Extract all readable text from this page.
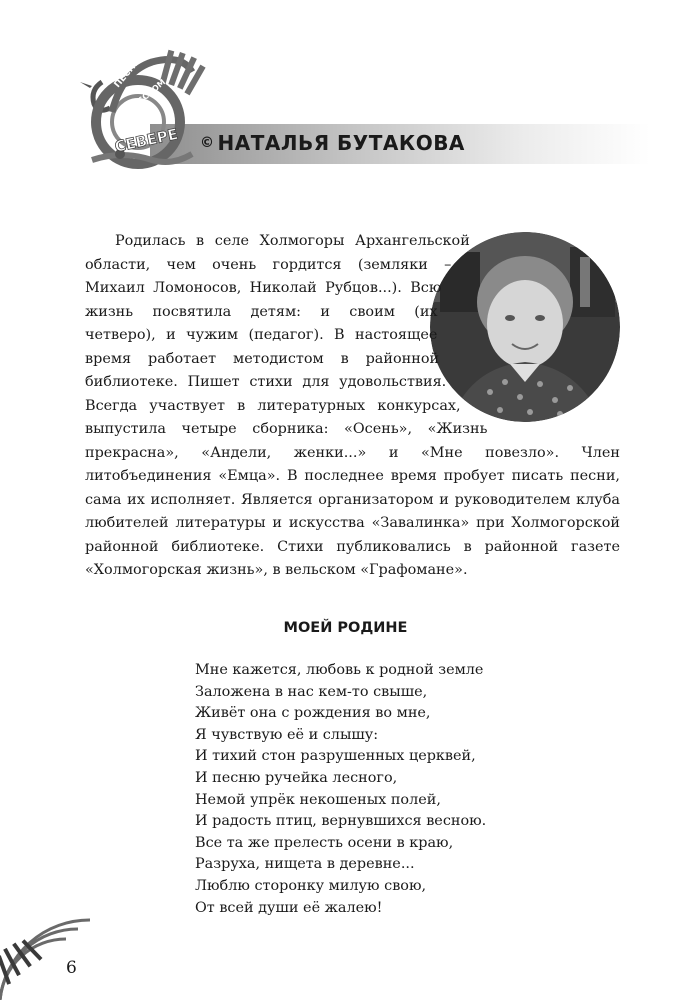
ПЕСНИ
О РУССКОМ
СЕВЕРЕ © НАТАЛЬЯ БУТАКОВА

Родилась в селе Холмогоры Архангельской области, чем очень гордится (земляки – Михаил Ломоносов, Николай Рубцов...). Всю жизнь посвятила детям: и своим (их четверо), и чужим (педагог). В настоящее время работает методистом в районной библиотеке. Пишет стихи для удовольствия. Всегда участвует в литературных конкурсах, выпустила четыре сборника: «Осень», «Жизнь прекрасна», «Андели, женки...» и «Мне повезло». Член литобъединения «Емца». В последнее время пробует писать песни, сама их исполняет. Является организатором и руководителем клуба любителей литературы и искусства «Завалинка» при Холмогорской районной библиотеке. Стихи публиковались в районной газете «Холмогорская жизнь», в вельском «Графомане».

МОЕЙ РОДИНЕ
Мне кажется, любовь к родной земле
Заложена в нас кем-то свыше,
Живёт она с рождения во мне,
Я чувствую её и слышу:
И тихий стон разрушенных церквей,
И песню ручейка лесного,
Немой упрёк некошеных полей,
И радость птиц, вернувшихся весною.
Все та же прелесть осени в краю,
Разруха, нищета в деревне...
Люблю сторонку милую свою,
От всей души её жалею!
6
